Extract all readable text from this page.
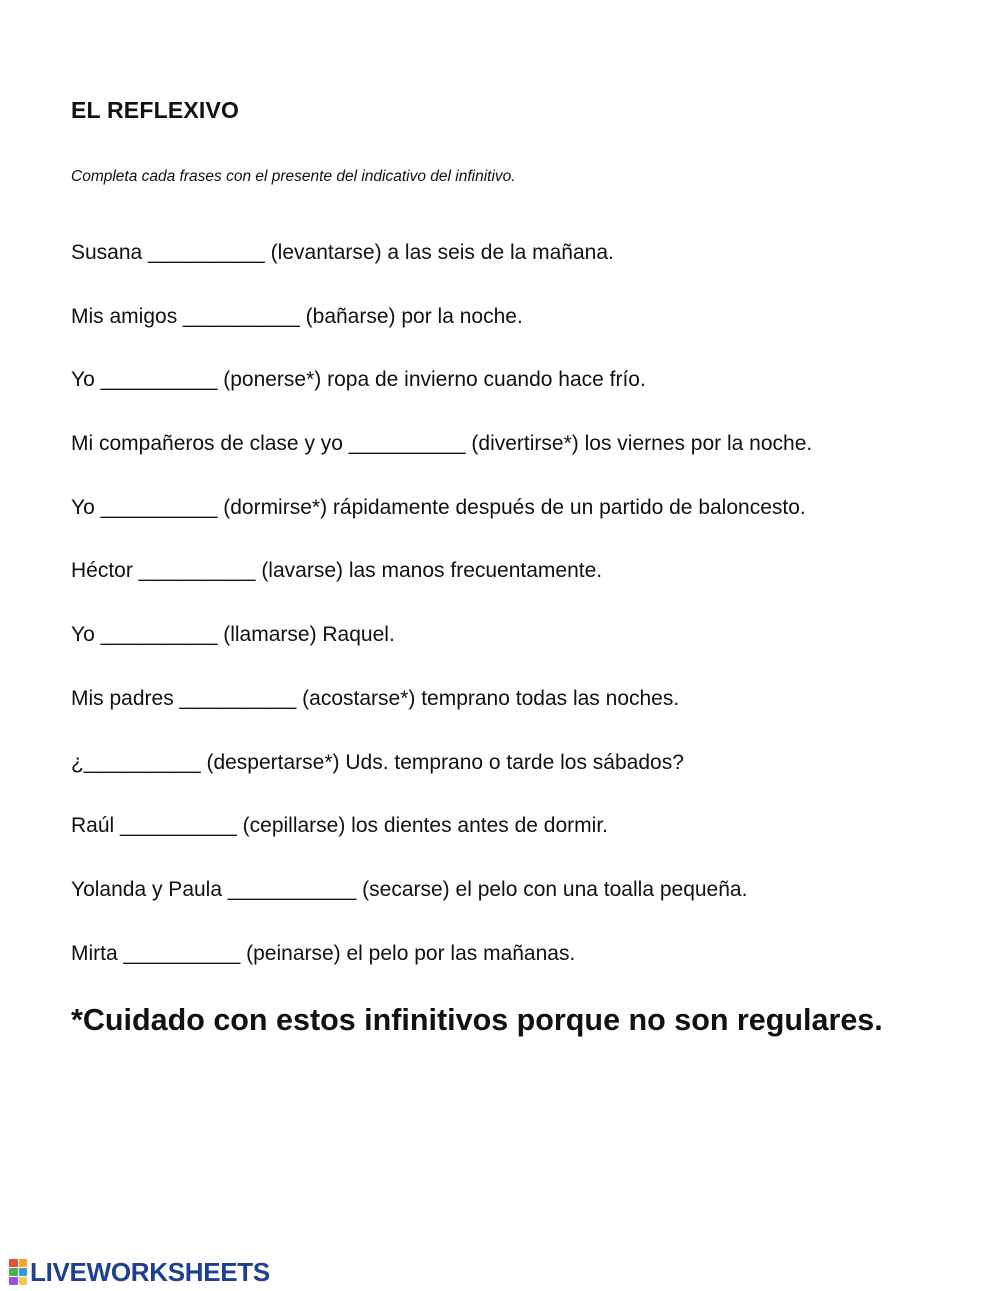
EL REFLEXIVO

Completa cada frases con el presente del indicativo del infinitivo.

Susana __________ (levantarse) a las seis de la mañana.
Mis amigos __________ (bañarse) por la noche.
Yo __________ (ponerse*) ropa de invierno cuando hace frío.
Mi compañeros de clase y yo __________ (divertirse*) los viernes por la noche.
Yo __________ (dormirse*) rápidamente después de un partido de baloncesto.
Héctor __________ (lavarse) las manos frecuentamente.
Yo __________ (llamarse) Raquel.
Mis padres __________ (acostarse*) temprano todas las noches.
¿__________ (despertarse*) Uds. temprano o tarde los sábados?
Raúl __________ (cepillarse) los dientes antes de dormir.
Yolanda y Paula ___________ (secarse) el pelo con una toalla pequeña.
Mirta __________ (peinarse) el pelo por las mañanas.

*Cuidado con estos infinitivos porque no son regulares.

LIVEWORKSHEETS
